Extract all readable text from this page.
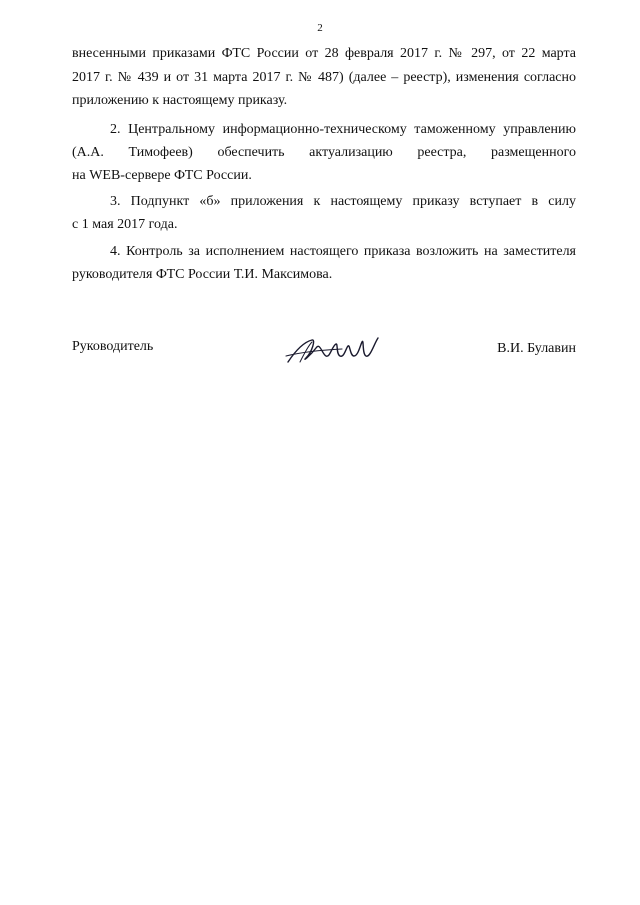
2
внесенными приказами ФТС России от 28 февраля 2017 г. № 297, от 22 марта
2017 г. № 439 и от 31 марта 2017 г. № 487) (далее – реестр), изменения согласно
приложению к настоящему приказу.
2. Центральному информационно-техническому таможенному управлению
(А.А. Тимофеев) обеспечить актуализацию реестра, размещенного
на WEB-сервере ФТС России.
3. Подпункт «б» приложения к настоящему приказу вступает в силу
с 1 мая 2017 года.
4. Контроль за исполнением настоящего приказа возложить на заместителя
руководителя ФТС России Т.И. Максимова.
Руководитель	В.И. Булавин
